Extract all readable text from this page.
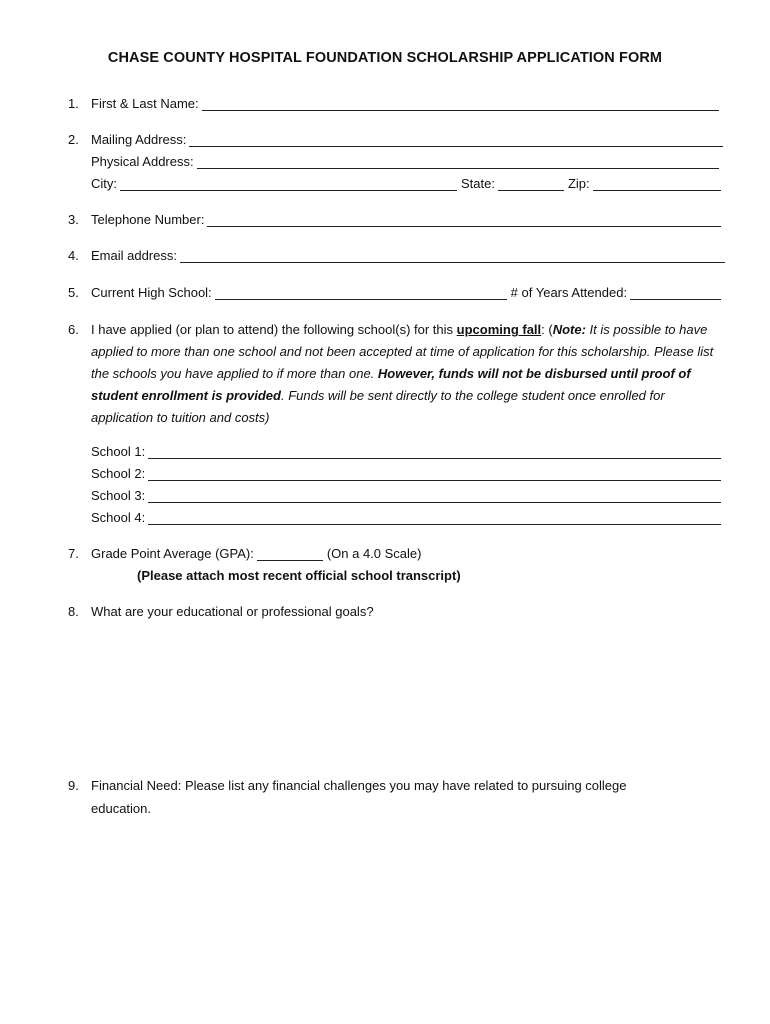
CHASE COUNTY HOSPITAL FOUNDATION SCHOLARSHIP APPLICATION FORM
1. First & Last Name:
2. Mailing Address:
Physical Address:
City:	State:	Zip:
3. Telephone Number:
4. Email address:
5. Current High School:	# of Years Attended:
6. I have applied (or plan to attend) the following school(s) for this upcoming fall: (Note: It is possible to have applied to more than one school and not been accepted at time of application for this scholarship. Please list the schools you have applied to if more than one. However, funds will not be disbursed until proof of student enrollment is provided. Funds will be sent directly to the college student once enrolled for application to tuition and costs)
School 1:
School 2:
School 3:
School 4:
7. Grade Point Average (GPA):	(On a 4.0 Scale)
(Please attach most recent official school transcript)
8. What are your educational or professional goals?
9. Financial Need: Please list any financial challenges you may have related to pursuing college
education.
